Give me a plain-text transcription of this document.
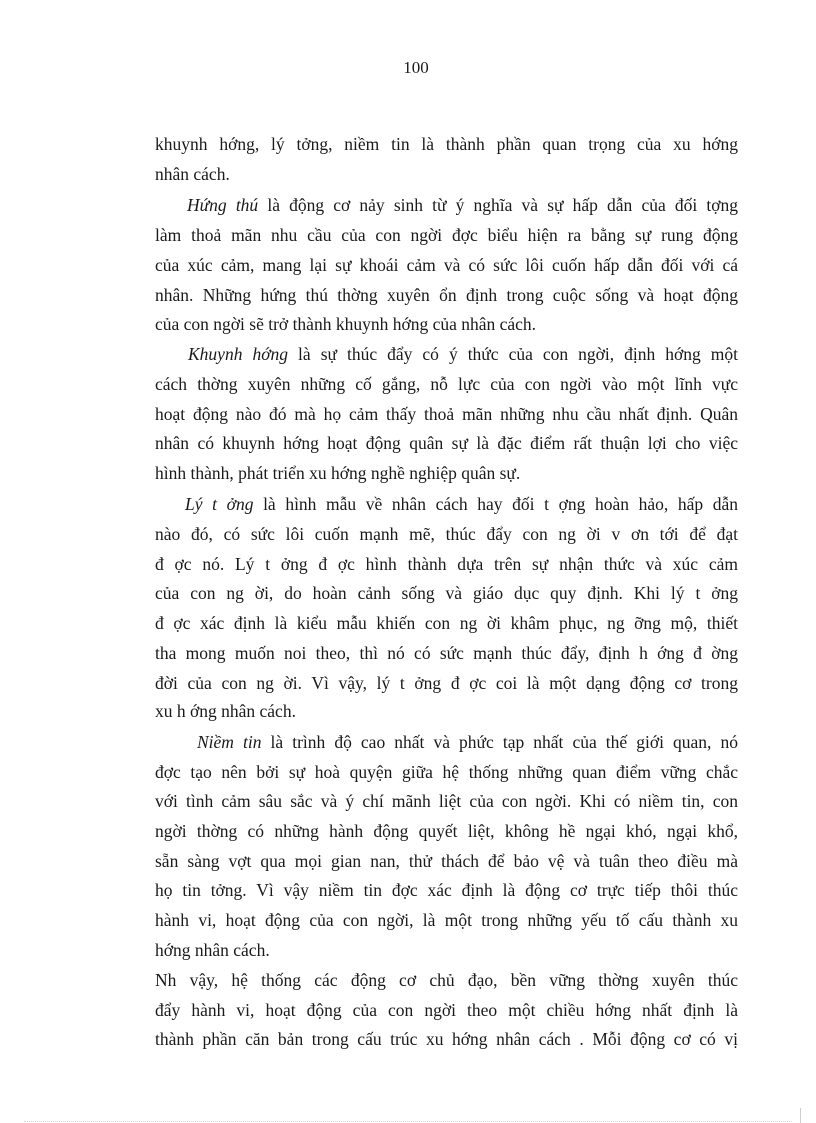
100
khuynh hớng, lý tởng, niềm tin là thành phần quan trọng của xu hớng
nhân cách.
Hứng thú là động cơ nảy sinh từ ý nghĩa và sự hấp dẫn của đối tợng
làm thoả mãn nhu cầu của con ngời đợc biểu hiện ra bằng sự rung động
của xúc cảm, mang lại sự khoái cảm và có sức lôi cuốn hấp dẫn đối với cá
nhân. Những hứng thú thờng xuyên ổn định trong cuộc sống và hoạt động
của con ngời sẽ trở thành khuynh hớng của nhân cách.
Khuynh hớng là sự thúc đẩy có ý thức của con ngời, định hớng một
cách thờng xuyên những cố gắng, nỗ lực của con ngời vào một lĩnh vực
hoạt động nào đó mà họ cảm thấy thoả mãn những nhu cầu nhất định. Quân
nhân có khuynh hớng hoạt động quân sự là đặc điểm rất thuận lợi cho việc
hình thành, phát triển xu hớng nghề nghiệp quân sự.
Lý t ởng là hình mẫu về nhân cách hay đối t ợng hoàn hảo, hấp dẫn
nào đó, có sức lôi cuốn mạnh mẽ, thúc đẩy con ng ời v ơn tới để đạt
đ ợc nó. Lý t ởng đ ợc hình thành dựa trên sự nhận thức và xúc cảm
của con ng ời, do hoàn cảnh sống và giáo dục quy định. Khi lý t ởng
đ ợc xác định là kiểu mẫu khiến con ng ời khâm phục, ng ỡng mộ, thiết
tha mong muốn noi theo, thì nó có sức mạnh thúc đẩy, định h ớng đ ờng
đời của con ng ời. Vì vậy, lý t ởng đ ợc coi là một dạng động cơ trong
xu h ớng nhân cách.
Niềm tin là trình độ cao nhất và phức tạp nhất của thế giới quan, nó
đợc tạo nên bởi sự hoà quyện giữa hệ thống những quan điểm vững chắc
với tình cảm sâu sắc và ý chí mãnh liệt của con ngời. Khi có niềm tin, con
ngời thờng có những hành động quyết liệt, không hề ngại khó, ngại khổ,
sẵn sàng vợt qua mọi gian nan, thử thách để bảo vệ và tuân theo điều mà
họ tin tởng. Vì vậy niềm tin đợc xác định là động cơ trực tiếp thôi thúc
hành vi, hoạt động của con ngời, là một trong những yếu tố cấu thành xu
hớng nhân cách.
Nh vậy, hệ thống các động cơ chủ đạo, bền vững thờng xuyên thúc
đẩy hành vi, hoạt động của con ngời theo một chiều hớng nhất định là
thành phần căn bản trong cấu trúc xu hớng nhân cách . Mỗi động cơ có vị
